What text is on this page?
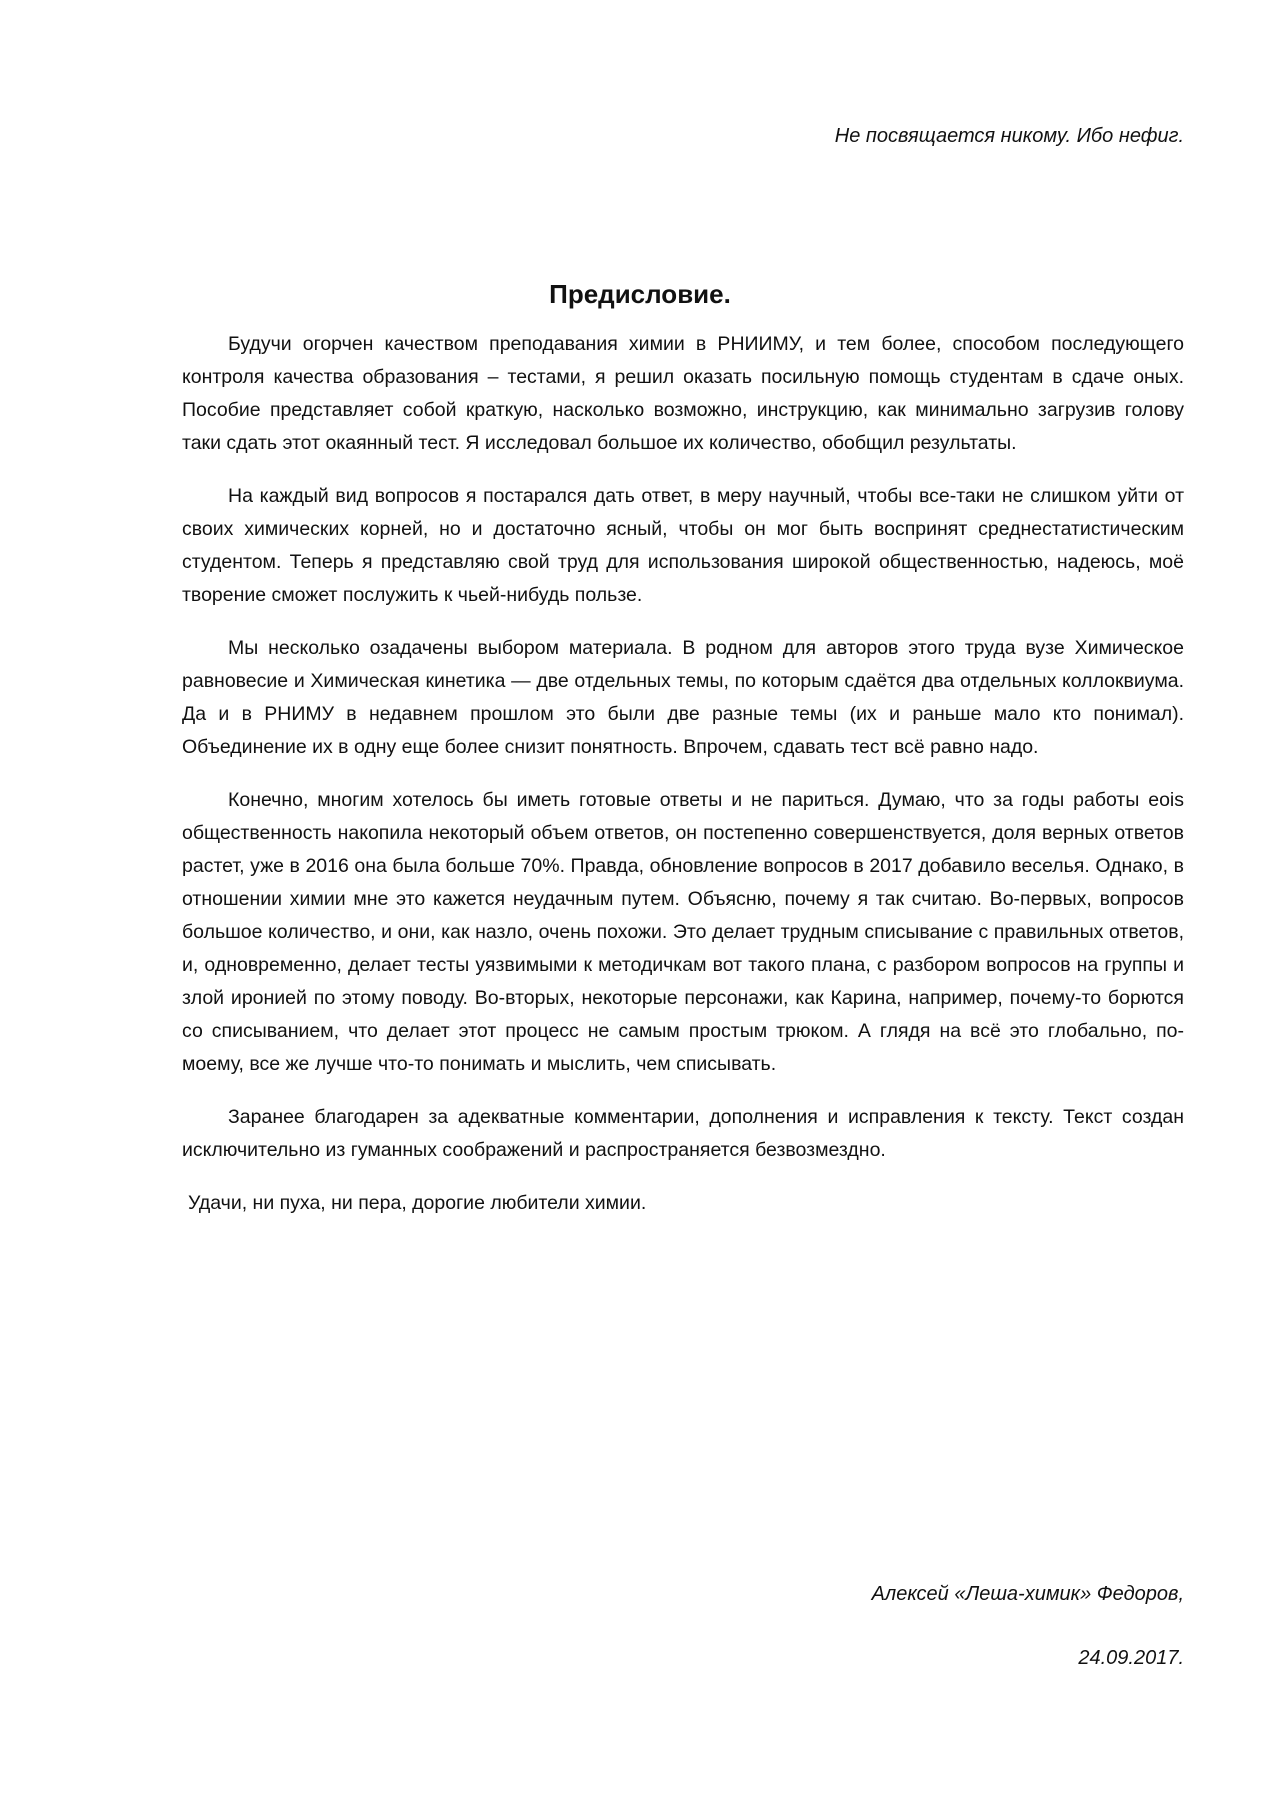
Не посвящается никому. Ибо нефиг.
Предисловие.

Будучи огорчен качеством преподавания химии в РНИИМУ, и тем более, способом последующего контроля качества образования – тестами, я решил оказать посильную помощь студентам в сдаче оных. Пособие представляет собой краткую, насколько возможно, инструкцию, как минимально загрузив голову таки сдать этот окаянный тест. Я исследовал большое их количество, обобщил результаты.

На каждый вид вопросов я постарался дать ответ, в меру научный, чтобы все-таки не слишком уйти от своих химических корней, но и достаточно ясный, чтобы он мог быть воспринят среднестатистическим студентом. Теперь я представляю свой труд для использования широкой общественностью, надеюсь, моё творение сможет послужить к чьей-нибудь пользе.

Мы несколько озадачены выбором материала. В родном для авторов этого труда вузе Химическое равновесие и Химическая кинетика — две отдельных темы, по которым сдаётся два отдельных коллоквиума. Да и в РНИМУ в недавнем прошлом это были две разные темы (их и раньше мало кто понимал). Объединение их в одну еще более снизит понятность. Впрочем, сдавать тест всё равно надо.

Конечно, многим хотелось бы иметь готовые ответы и не париться. Думаю, что за годы работы eois общественность накопила некоторый объем ответов, он постепенно совершенствуется, доля верных ответов растет, уже в 2016 она была больше 70%. Правда, обновление вопросов в 2017 добавило веселья. Однако, в отношении химии мне это кажется неудачным путем. Объясню, почему я так считаю. Во-первых, вопросов большое количество, и они, как назло, очень похожи. Это делает трудным списывание с правильных ответов, и, одновременно, делает тесты уязвимыми к методичкам вот такого плана, с разбором вопросов на группы и злой иронией по этому поводу. Во-вторых, некоторые персонажи, как Карина, например, почему-то борются со списыванием, что делает этот процесс не самым простым трюком. А глядя на всё это глобально, по-моему, все же лучше что-то понимать и мыслить, чем списывать.

Заранее благодарен за адекватные комментарии, дополнения и исправления к тексту. Текст создан исключительно из гуманных соображений и распространяется безвозмездно.

Удачи, ни пуха, ни пера, дорогие любители химии.

Алексей «Леша-химик» Федоров,
24.09.2017.
